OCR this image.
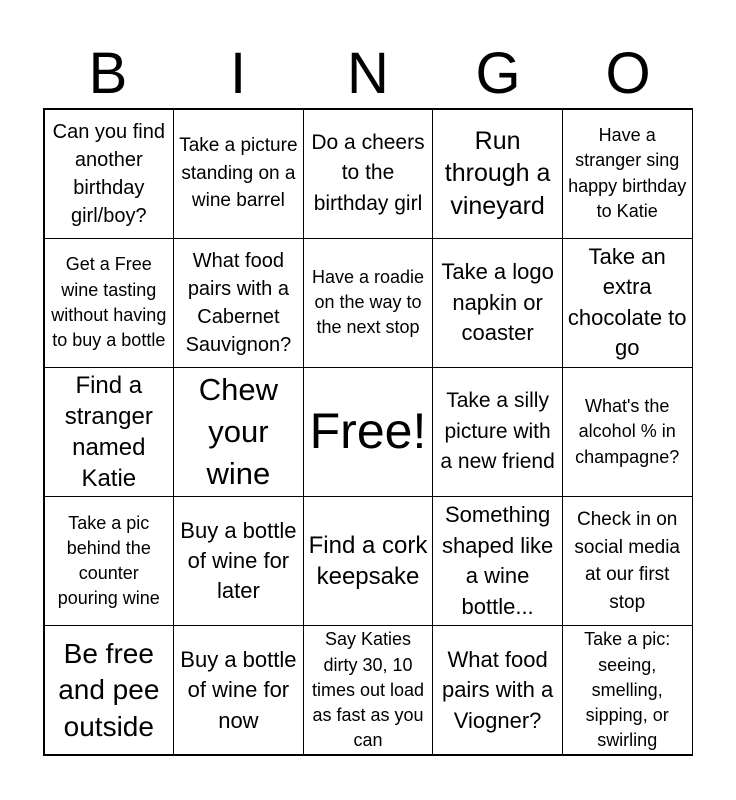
B	I	N	G	O
Can you find another birthday girl/boy?
Take a picture standing on a wine barrel
Do a cheers to the birthday girl
Run through a vineyard
Have a stranger sing happy birthday to Katie
Get a Free wine tasting without having to buy a bottle
What food pairs with a Cabernet Sauvignon?
Have a roadie on the way to the next stop
Take a logo napkin or coaster
Take an extra chocolate to go
Find a stranger named Katie
Chew your wine
Free!
Take a silly picture with a new friend
What's the alcohol % in champagne?
Take a pic behind the counter pouring wine
Buy a bottle of wine for later
Find a cork keepsake
Something shaped like a wine bottle...
Check in on social media at our first stop
Be free and pee outside
Buy a bottle of wine for now
Say Katies dirty 30, 10 times out load as fast as you can
What food pairs with a Viogner?
Take a pic: seeing, smelling, sipping, or swirling
